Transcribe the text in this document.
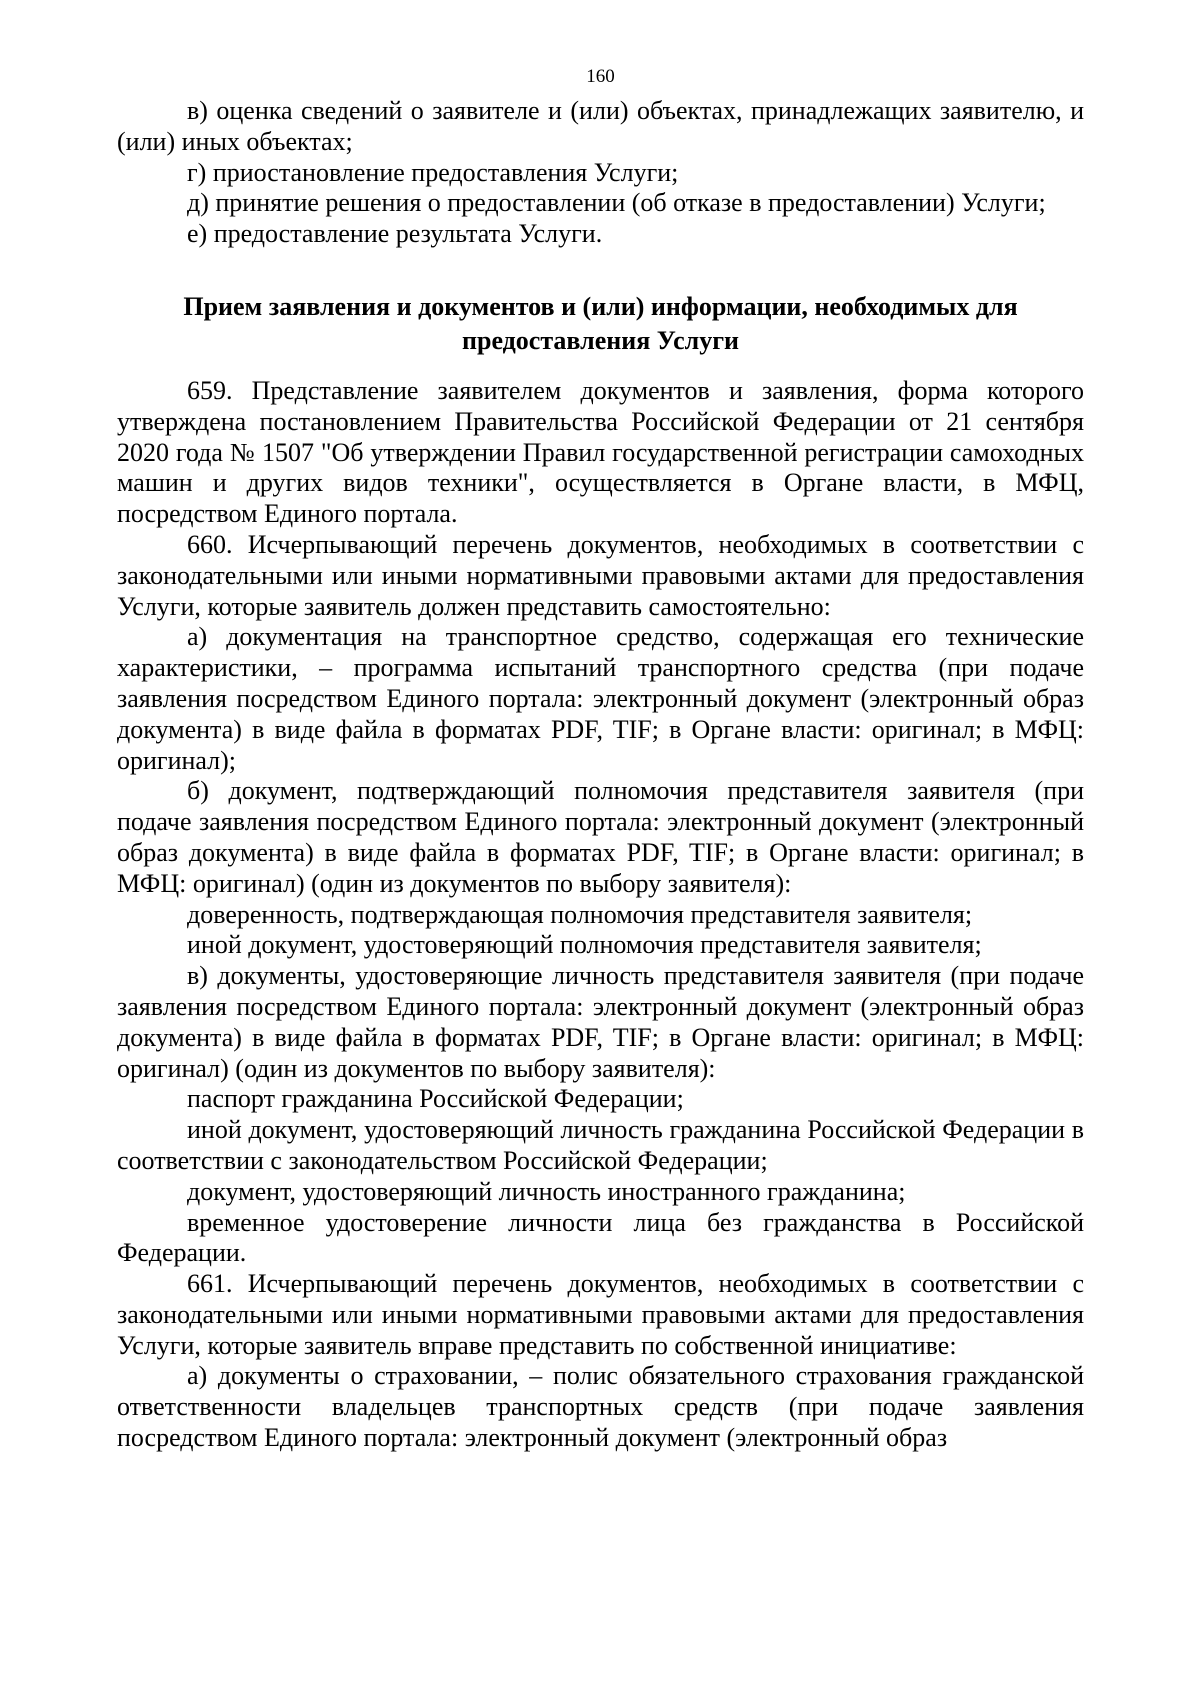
160

в) оценка сведений о заявителе и (или) объектах, принадлежащих заявителю, и (или) иных объектах;

г) приостановление предоставления Услуги;

д) принятие решения о предоставлении (об отказе в предоставлении) Услуги;

е) предоставление результата Услуги.

Прием заявления и документов и (или) информации, необходимых для
предоставления Услуги

659. Представление заявителем документов и заявления, форма которого утверждена постановлением Правительства Российской Федерации от 21 сентября 2020 года № 1507 "Об утверждении Правил государственной регистрации самоходных машин и других видов техники", осуществляется в Органе власти, в МФЦ, посредством Единого портала.

660. Исчерпывающий перечень документов, необходимых в соответствии с законодательными или иными нормативными правовыми актами для предоставления Услуги, которые заявитель должен представить самостоятельно:

а) документация на транспортное средство, содержащая его технические характеристики, – программа испытаний транспортного средства (при подаче заявления посредством Единого портала: электронный документ (электронный образ документа) в виде файла в форматах PDF, TIF; в Органе власти: оригинал; в МФЦ: оригинал);

б) документ, подтверждающий полномочия представителя заявителя (при подаче заявления посредством Единого портала: электронный документ (электронный образ документа) в виде файла в форматах PDF, TIF; в Органе власти: оригинал; в МФЦ: оригинал) (один из документов по выбору заявителя):

доверенность, подтверждающая полномочия представителя заявителя;

иной документ, удостоверяющий полномочия представителя заявителя;

в) документы, удостоверяющие личность представителя заявителя (при подаче заявления посредством Единого портала: электронный документ (электронный образ документа) в виде файла в форматах PDF, TIF; в Органе власти: оригинал; в МФЦ: оригинал) (один из документов по выбору заявителя):

паспорт гражданина Российской Федерации;

иной документ, удостоверяющий личность гражданина Российской Федерации в соответствии с законодательством Российской Федерации;

документ, удостоверяющий личность иностранного гражданина;

временное удостоверение личности лица без гражданства в Российской Федерации.

661. Исчерпывающий перечень документов, необходимых в соответствии с законодательными или иными нормативными правовыми актами для предоставления Услуги, которые заявитель вправе представить по собственной инициативе:

а) документы о страховании, – полис обязательного страхования гражданской ответственности владельцев транспортных средств (при подаче заявления посредством Единого портала: электронный документ (электронный образ
